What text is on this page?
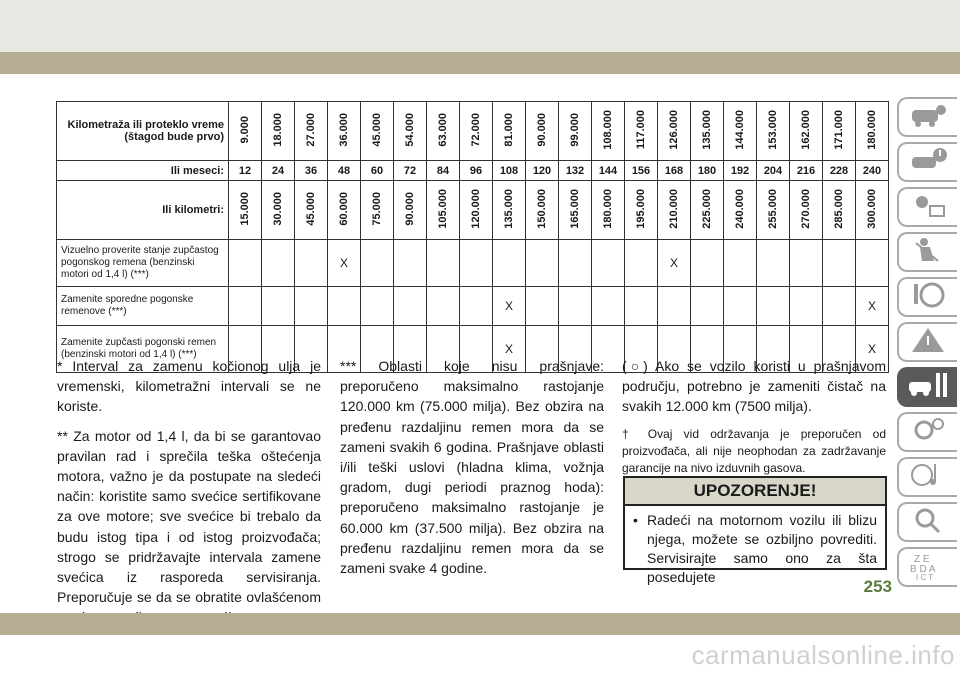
Kilometraža ili proteklo vreme (štagod bude prvo)	9.000	18.000	27.000	36.000	45.000	54.000	63.000	72.000	81.000	90.000	99.000	108.000	117.000	126.000	135.000	144.000	153.000	162.000	171.000	180.000
Ili meseci:	12	24	36	48	60	72	84	96	108	120	132	144	156	168	180	192	204	216	228	240
Ili kilometri:	15.000	30.000	45.000	60.000	75.000	90.000	105.000	120.000	135.000	150.000	165.000	180.000	195.000	210.000	225.000	240.000	255.000	270.000	285.000	300.000
Vizuelno proverite stanje zupčastog pogonskog remena (benzinski motori od 1,4 l) (***)				X										X						
Zamenite sporedne pogonske remenove (***)									X											X
Zamenite zupčasti pogonski remen (benzinski motori od 1,4 l) (***)									X											X

* Interval za zamenu kočionog ulja je vremenski, kilometražni intervali se ne koriste.

** Za motor od 1,4 l, da bi se garantovao pravilan rad i sprečila teška oštećenja motora, važno je da postupate na sledeći način: koristite samo svećice sertifikovane za ove motore; sve svećice bi trebalo da budu istog tipa i od istog proizvođača; strogo se pridržavajte intervala zamene svećica iz rasporeda servisiranja. Preporučuje se da se obratite ovlašćenom

*** Oblasti koje nisu prašnjave: preporučeno maksimalno rastojanje 120.000 km (75.000 milja). Bez obzira na pređenu razdaljinu remen mora da se zameni svakih 6 godina. Prašnjave oblasti i/ili teški uslovi (hladna klima, vožnja gradom, dugi periodi praznog hoda): preporučeno maksimalno rastojanje je 60.000 km (37.500 milja). Bez obzira na pređenu razdaljinu remen mora da se zameni svake 4 godine.

(○) Ako se vozilo koristi u prašnjavom području, potrebno je zameniti čistač na svakih 12.000 km (7500 milja).

† Ovaj vid održavanja je preporučen od proizvođača, ali nije neophodan za zadržavanje garancije na nivo izduvnih gasova.

UPOZORENJE!
• Radeći na motornom vozilu ili blizu njega, možete se ozbiljno povrediti. Servisirajte samo ono za šta posedujete
Z E
B D A
I C T
253
carmanualsonline.info
